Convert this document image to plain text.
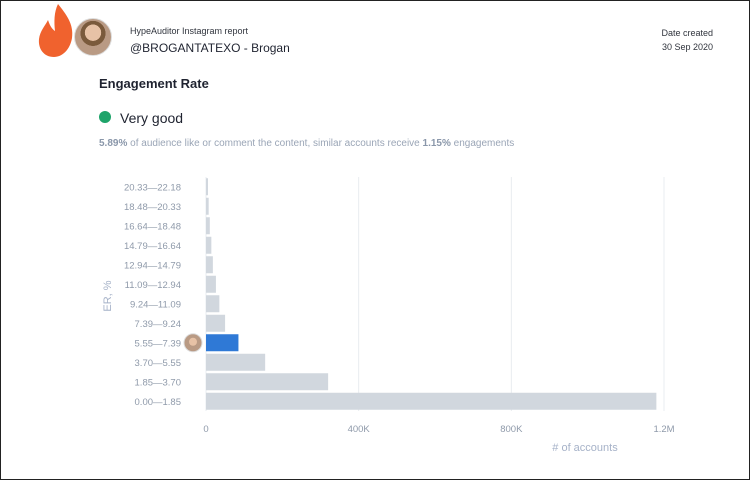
HypeAuditor Instagram report
@BROGANTATEXO - Brogan
Date created
30 Sep 2020
Engagement Rate
Very good
5.89% of audience like or comment the content, similar accounts receive 1.15% engagements
0	400K	800K	1.2M
20.33—22.18
18.48—20.33
16.64—18.48
14.79—16.64
12.94—14.79
11.09—12.94
9.24—11.09
7.39—9.24
5.55—7.39
3.70—5.55
1.85—3.70
0.00—1.85
# of accounts
ER, %
